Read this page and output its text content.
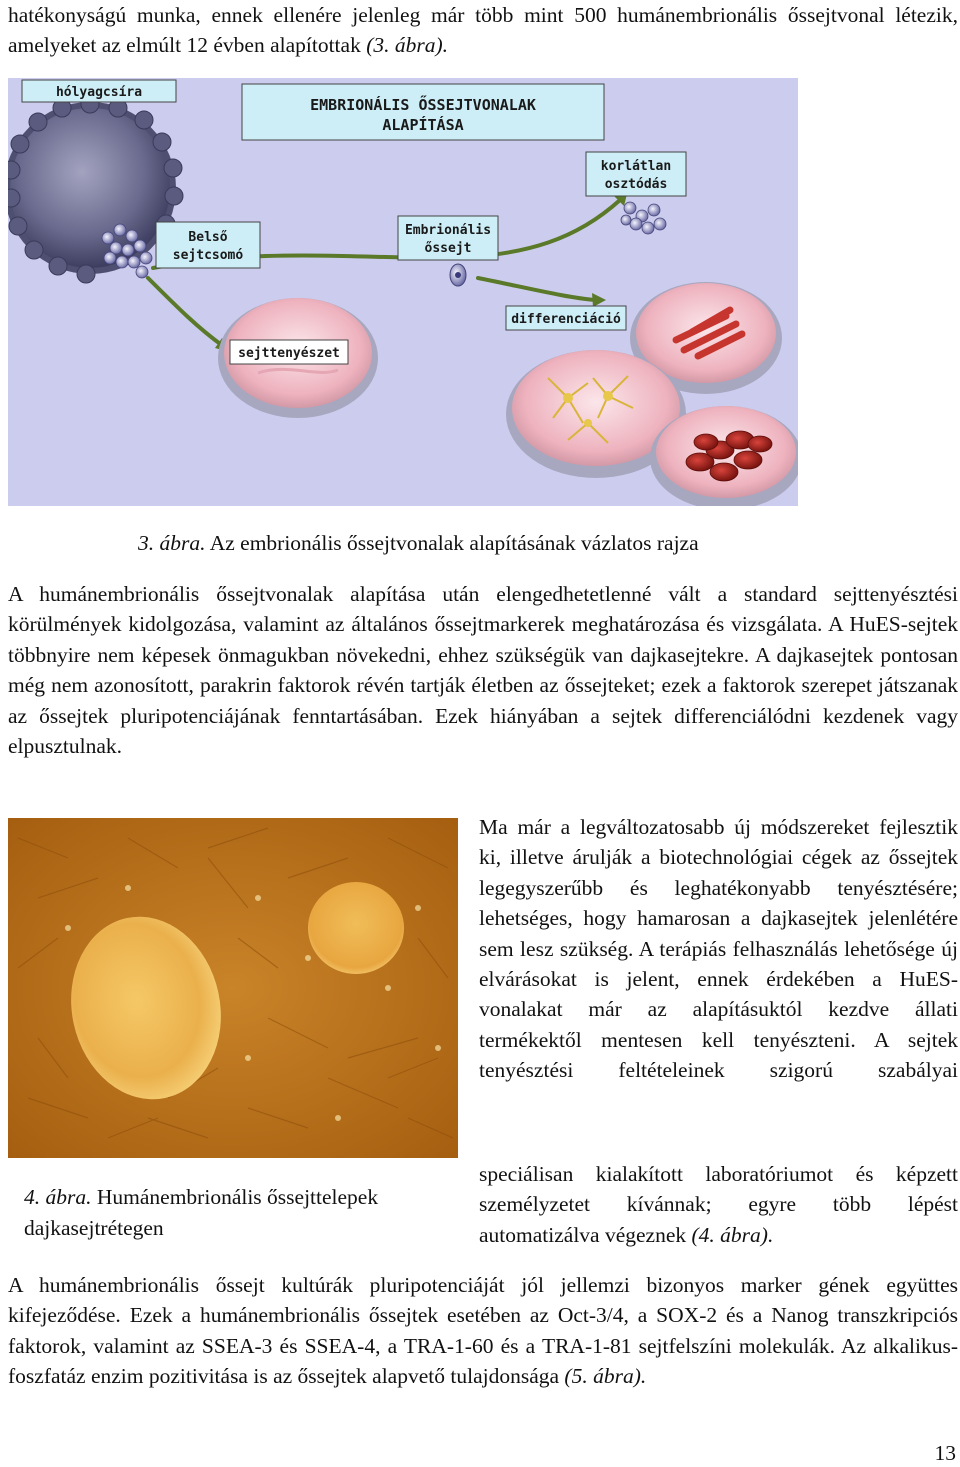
hatékonyságú munka, ennek ellenére jelenleg már több mint 500 humánembrionális őssejtvonal létezik, amelyeket az elmúlt 12 évben alapítottak (3. ábra).

EMBRIONÁLIS ŐSSEJTVONALAK
ALAPÍTÁSA
hólyagcsíra
Belső
sejtcsomó
Embrionális
őssejt
korlátlan
osztódás
differenciáció
sejttenyészet
3. ábra. Az embrionális őssejtvonalak alapításának vázlatos rajza

A humánembrionális őssejtvonalak alapítása után elengedhetetlenné vált a standard sejttenyésztési körülmények kidolgozása, valamint az általános őssejtmarkerek meghatározása és vizsgálata. A HuES-sejtek többnyire nem képesek önmagukban növekedni, ehhez szükségük van dajkasejtekre. A dajkasejtek pontosan még nem azonosított, parakrin faktorok révén tartják életben az őssejteket; ezek a faktorok szerepet játszanak az őssejtek pluripotenciájának fenntartásában. Ezek hiányában a sejtek differenciálódni kezdenek vagy elpusztulnak.

4. ábra. Humánembrionális őssejttelepek dajkasejtrétegen
Ma már a legváltozatosabb új módszereket fejlesztik ki, illetve árulják a biotechnológiai cégek az őssejtek legegyszerűbb és leghatékonyabb tenyésztésére; lehetséges, hogy hamarosan a dajkasejtek jelenlétére sem lesz szükség. A terápiás felhasználás lehetősége új elvárásokat is jelent, ennek érdekében a HuES-vonalakat már az alapításuktól kezdve állati termékektől mentesen kell tenyészteni. A sejtek tenyésztési feltételeinek szigorú szabályai
speciálisan kialakított laboratóriumot és képzett személyzetet kívánnak; egyre több lépést automatizálva végeznek (4. ábra).

A humánembrionális őssejt kultúrák pluripotenciáját jól jellemzi bizonyos marker gének együttes kifejeződése. Ezek a humánembrionális őssejtek esetében az Oct-3/4, a SOX-2 és a Nanog transzkripciós faktorok, valamint az SSEA-3 és SSEA-4, a TRA-1-60 és a TRA-1-81 sejtfelszíni molekulák. Az alkalikus-foszfatáz enzim pozitivitása is az őssejtek alapvető tulajdonsága (5. ábra).

13
